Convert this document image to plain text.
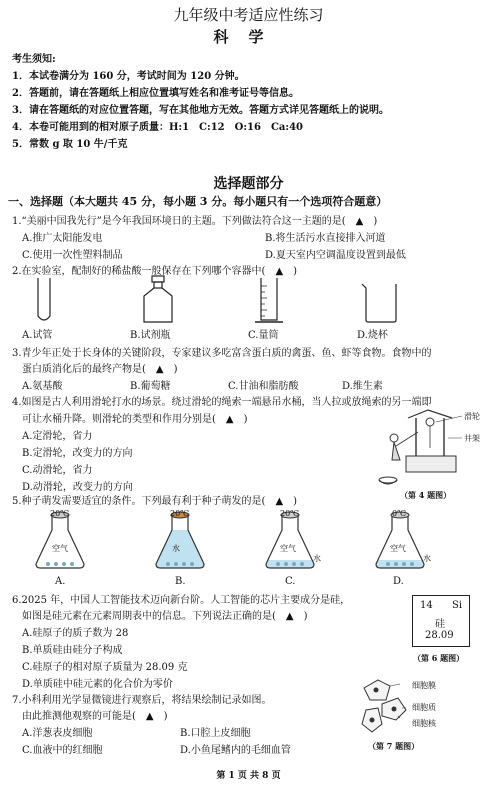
九年级中考适应性练习
科学
考生须知:
1．本试卷满分为 160 分，考试时间为 120 分钟。
2．答题前，请在答题纸上相应位置填写姓名和准考证号等信息。
3．请在答题纸的对应位置答题，写在其他地方无效。答题方式详见答题纸上的说明。
4．本卷可能用到的相对原子质量：H:1　C:12　O:16　Ca:40
5．常数 g 取 10 牛/千克
选择题部分
一、选择题（本大题共 45 分，每小题 3 分。每小题只有一个选项符合题意）
1.“美丽中国我先行”是今年我国环境日的主题。下列做法符合这一主题的是(　▲　)
A.推广太阳能发电	B.将生活污水直接排入河道
C.使用一次性塑料制品	D.夏天室内空调温度设置到最低
2.在实验室，配制好的稀盐酸一般保存在下列哪个容器中(　▲　)
A.试管	B.试剂瓶	C.量筒	D.烧杯
3.青少年正处于长身体的关键阶段，专家建议多吃富含蛋白质的禽蛋、鱼、虾等食物。食物中的
蛋白质消化后的最终产物是(　▲　)
A.氨基酸	B.葡萄糖	C.甘油和脂肪酸	D.维生素
4.如图是古人利用滑轮打水的场景。绕过滑轮的绳索一端悬吊水桶，当人拉或放绳索的另一端即
可让水桶升降。则滑轮的类型和作用分别是(　▲　)
A.定滑轮，省力
B.定滑轮，改变力的方向
C.动滑轮，省力
D.动滑轮，改变力的方向
滑轮
井架
（第 4 题图）
5.种子萌发需要适宜的条件。下列最有利于种子萌发的是(　▲　)
20℃
空气
20℃
水
20℃
空气
水
0℃
空气
水
A.	B.	C.	D.
6.2025 年，中国人工智能技术迈向新台阶。人工智能的芯片主要成分是硅，
如图是硅元素在元素周期表中的信息。下列说法正确的是(　▲　)
A.硅原子的质子数为 28
B.单质硅由硅分子构成
C.硅原子的相对原子质量为 28.09 克
D.单质硅中硅元素的化合价为零价
14 Si
硅
28.09
（第 6 题图）
7.小科利用光学显微镜进行观察后，将结果绘制记录如图。
由此推测他观察的可能是(　▲　)
A.洋葱表皮细胞	B.口腔上皮细胞
C.血液中的红细胞	D.小鱼尾鳍内的毛细血管
细胞膜
细胞质
细胞核
（第 7 题图）
第 1 页 共 8 页
